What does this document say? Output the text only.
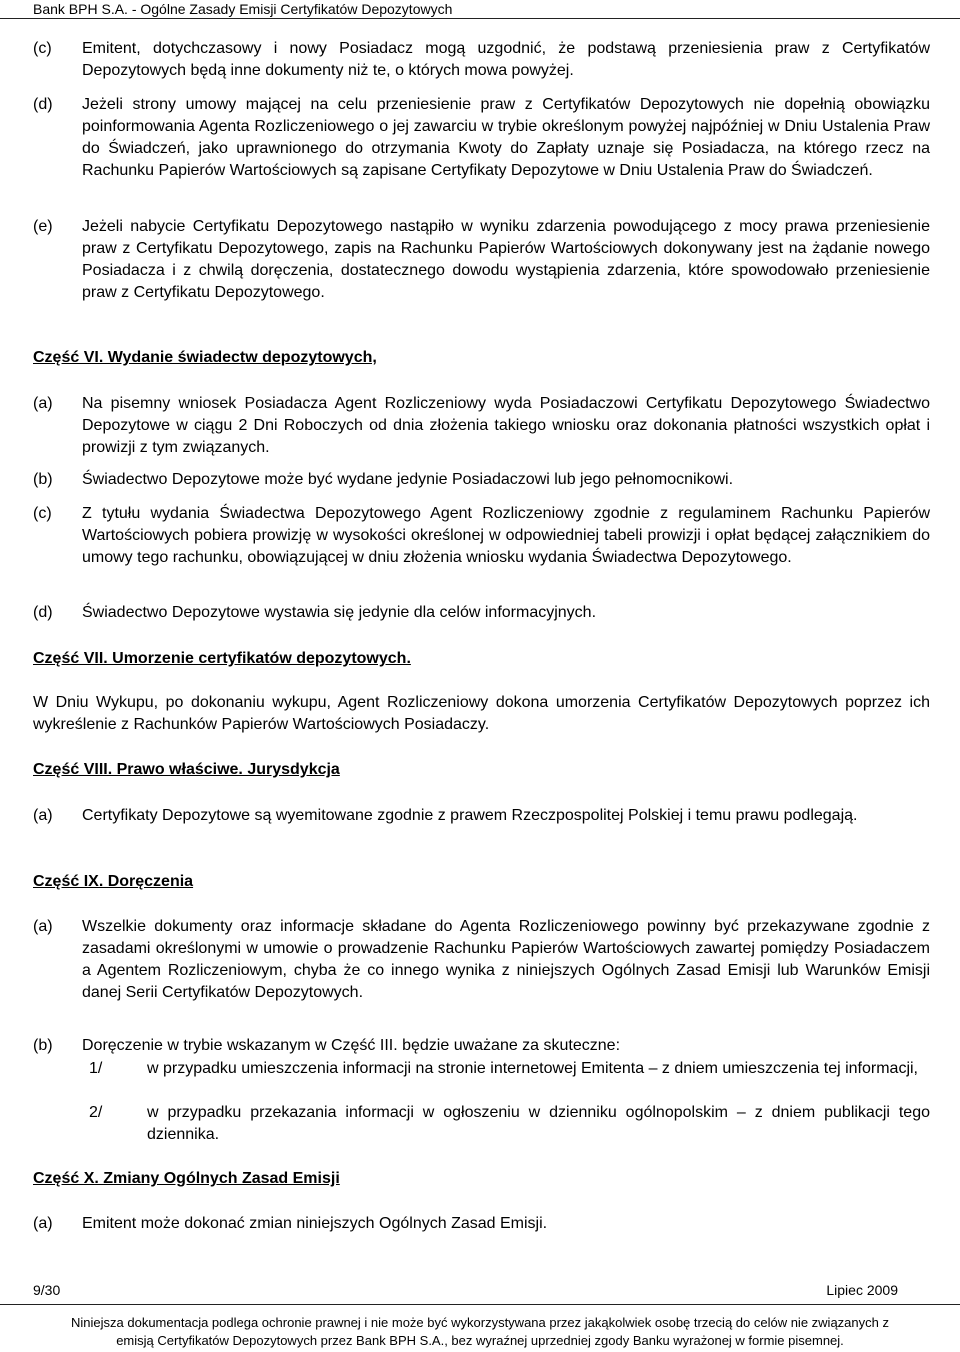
Bank BPH S.A. - Ogólne Zasady Emisji Certyfikatów Depozytowych
(c) Emitent, dotychczasowy i nowy Posiadacz mogą uzgodnić, że podstawą przeniesienia praw z Certyfikatów Depozytowych będą inne dokumenty niż te, o których mowa powyżej.
(d) Jeżeli strony umowy mającej na celu przeniesienie praw z Certyfikatów Depozytowych nie dopełnią obowiązku poinformowania Agenta Rozliczeniowego o jej zawarciu w trybie określonym powyżej najpóźniej w Dniu Ustalenia Praw do Świadczeń, jako uprawnionego do otrzymania Kwoty do Zapłaty uznaje się Posiadacza, na którego rzecz na Rachunku Papierów Wartościowych są zapisane Certyfikaty Depozytowe w Dniu Ustalenia Praw do Świadczeń.
(e) Jeżeli nabycie Certyfikatu Depozytowego nastąpiło w wyniku zdarzenia powodującego z mocy prawa przeniesienie praw z Certyfikatu Depozytowego, zapis na Rachunku Papierów Wartościowych dokonywany jest na żądanie nowego Posiadacza i z chwilą doręczenia, dostatecznego dowodu wystąpienia zdarzenia, które spowodowało przeniesienie praw z Certyfikatu Depozytowego.
Część VI. Wydanie świadectw depozytowych,
(a) Na pisemny wniosek Posiadacza Agent Rozliczeniowy wyda Posiadaczowi Certyfikatu Depozytowego Świadectwo Depozytowe w ciągu 2 Dni Roboczych od dnia złożenia takiego wniosku oraz dokonania płatności wszystkich opłat i prowizji z tym związanych.
(b) Świadectwo Depozytowe może być wydane jedynie Posiadaczowi lub jego pełnomocnikowi.
(c) Z tytułu wydania Świadectwa Depozytowego Agent Rozliczeniowy zgodnie z regulaminem Rachunku Papierów Wartościowych pobiera prowizję w wysokości określonej w odpowiedniej tabeli prowizji i opłat będącej załącznikiem do umowy tego rachunku, obowiązującej w dniu złożenia wniosku wydania Świadectwa Depozytowego.
(d) Świadectwo Depozytowe wystawia się jedynie dla celów informacyjnych.
Część VII. Umorzenie certyfikatów depozytowych.
W Dniu Wykupu, po dokonaniu wykupu, Agent Rozliczeniowy dokona umorzenia Certyfikatów Depozytowych poprzez ich wykreślenie z Rachunków Papierów Wartościowych Posiadaczy.
Część VIII. Prawo właściwe. Jurysdykcja
(a) Certyfikaty Depozytowe są wyemitowane zgodnie z prawem Rzeczpospolitej Polskiej i temu prawu podlegają.
Część IX. Doręczenia
(a) Wszelkie dokumenty oraz informacje składane do Agenta Rozliczeniowego powinny być przekazywane zgodnie z zasadami określonymi w umowie o prowadzenie Rachunku Papierów Wartościowych zawartej pomiędzy Posiadaczem a Agentem Rozliczeniowym, chyba że co innego wynika z niniejszych Ogólnych Zasad Emisji lub Warunków Emisji danej Serii Certyfikatów Depozytowych.
(b) Doręczenie w trybie wskazanym w Część III. będzie uważane za skuteczne:
1/	w przypadku umieszczenia informacji na stronie internetowej Emitenta – z dniem umieszczenia tej informacji,
2/	w przypadku przekazania informacji w ogłoszeniu w dzienniku ogólnopolskim – z dniem publikacji tego dziennika.
Część X. Zmiany Ogólnych Zasad Emisji
(a) Emitent może dokonać zmian niniejszych Ogólnych Zasad Emisji.
9/30	Lipiec 2009
Niniejsza dokumentacja podlega ochronie prawnej i nie może być wykorzystywana przez jakąkolwiek osobę trzecią do celów nie związanych z
emisją Certyfikatów Depozytowych przez Bank BPH S.A., bez wyraźnej uprzedniej zgody Banku wyrażonej w formie pisemnej.
